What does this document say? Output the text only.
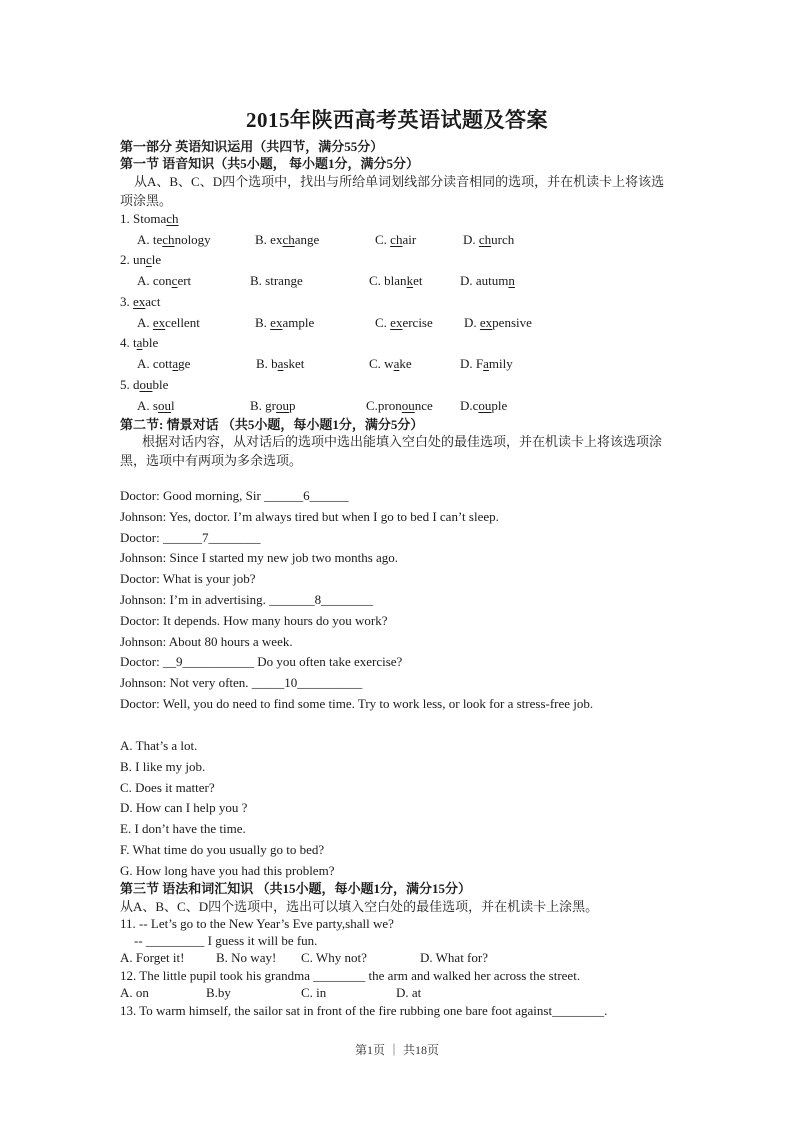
2015年陕西高考英语试题及答案
第一部分 英语知识运用（共四节，满分55分）
第一节 语音知识（共5小题， 每小题1分，满分5分）
从A、B、C、D四个选项中，找出与所给单词划线部分读音相同的选项，并在机读卡上将该选项涂黑。
1. Stomach
A. technology	B. exchange	C. chair	D. church
2. uncle
A. concert	B. strange	C. blanket	D. autumn
3. exact
A. excellent	B. example	C. exercise D. expensive
4. table
A. cottage	B. basket	C. wake	D. Family
5. double
A. soul	B. group	C.pronounce D.couple
第二节: 情景对话 （共5小题，每小题1分，满分5分）
根据对话内容，从对话后的选项中选出能填入空白处的最佳选项，并在机读卡上将该选项涂黑，选项中有两项为多余选项。
Doctor: Good morning, Sir ______6______
Johnson: Yes, doctor. I’m always tired but when I go to bed I can’t sleep.
Doctor: ______7________
Johnson: Since I started my new job two months ago.
Doctor: What is your job?
Johnson: I’m in advertising. _______8________
Doctor: It depends. How many hours do you work?
Johnson: About 80 hours a week.
Doctor: __9___________ Do you often take exercise?
Johnson: Not very often. _____10__________
Doctor: Well, you do need to find some time. Try to work less, or look for a stress-free job.
A. That’s a lot.
B. I like my job.
C. Does it matter?
D. How can I help you ?
E. I don’t have the time.
F. What time do you usually go to bed?
G. How long have you had this problem?
第三节 语法和词汇知识 （共15小题，每小题1分，满分15分）
从A、B、C、D四个选项中，选出可以填入空白处的最佳选项，并在机读卡上涂黑。
11. -- Let’s go to the New Year’s Eve party,shall we?
-- _________ I guess it will be fun.
A. Forget it! B. No way! C. Why not?	D. What for?
12. The little pupil took his grandma ________ the arm and walked her across the street.
A. on	B.by	C. in	D. at
13. To warm himself, the sailor sat in front of the fire rubbing one bare foot against________.
第1页 ｜ 共18页
